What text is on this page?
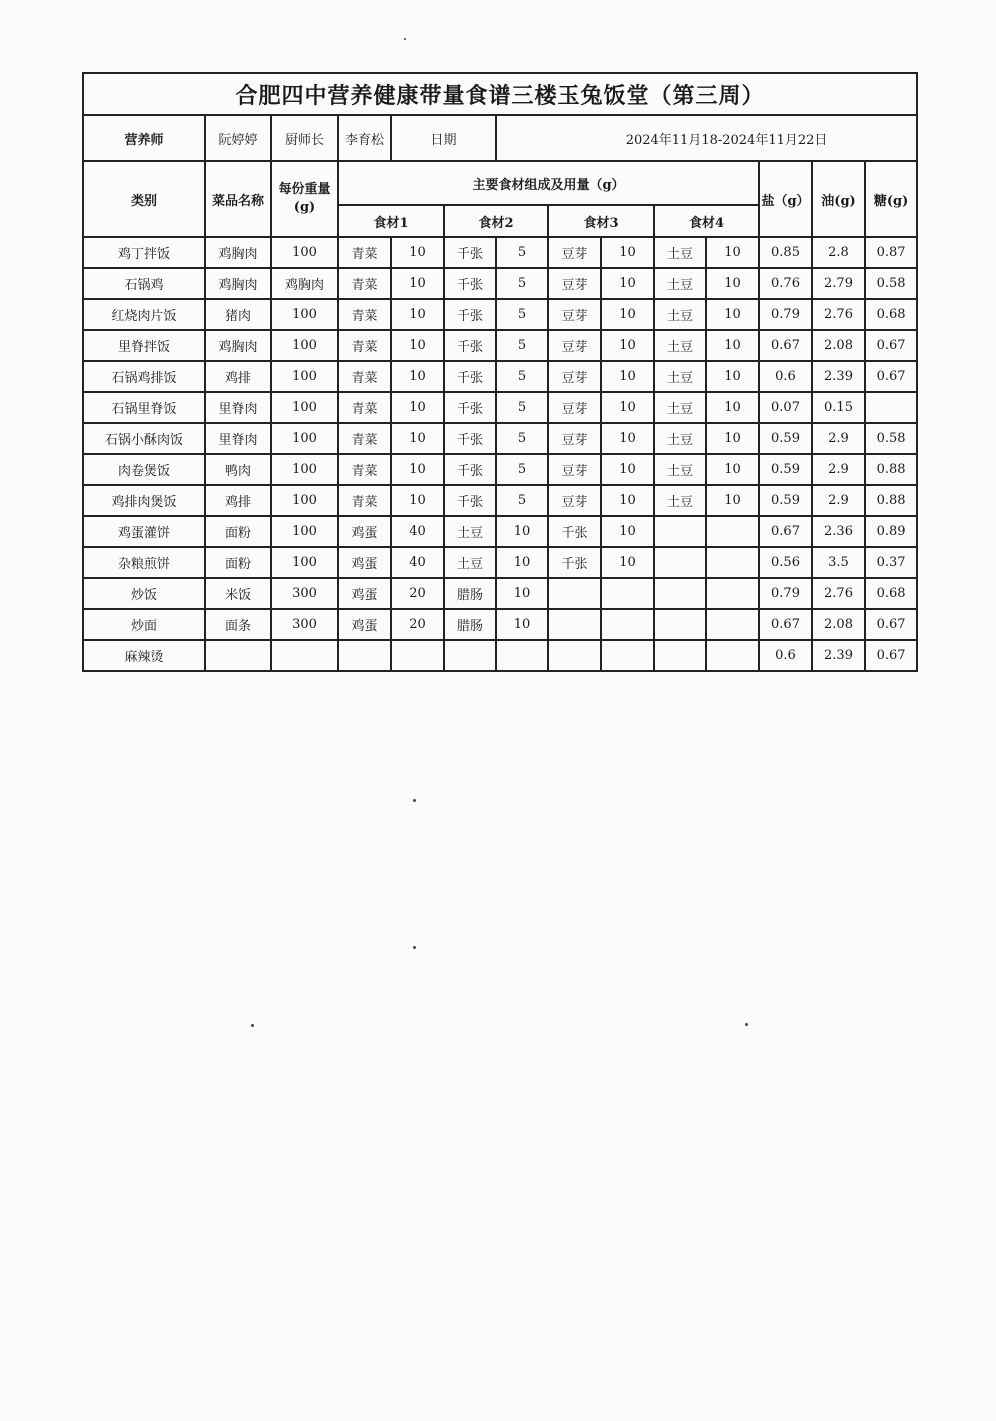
合肥四中营养健康带量食谱三楼玉兔饭堂（第三周）													
营养师	阮婷婷	厨师长	李育松	日期		2024年11月18-2024年11月22日							
类别	菜品名称	每份重量(g)	主要食材组成及用量（g）								盐（g）	油(g)	糖(g)
			食材1		食材2		食材3		食材4				
鸡丁拌饭	鸡胸肉	100	青菜	10	千张	5	豆芽	10	土豆	10	0.85	2.8	0.87
石锅鸡	鸡胸肉	鸡胸肉	青菜	10	千张	5	豆芽	10	土豆	10	0.76	2.79	0.58
红烧肉片饭	猪肉	100	青菜	10	千张	5	豆芽	10	土豆	10	0.79	2.76	0.68
里脊拌饭	鸡胸肉	100	青菜	10	千张	5	豆芽	10	土豆	10	0.67	2.08	0.67
石锅鸡排饭	鸡排	100	青菜	10	千张	5	豆芽	10	土豆	10	0.6	2.39	0.67
石锅里脊饭	里脊肉	100	青菜	10	千张	5	豆芽	10	土豆	10	0.07	0.15	
石锅小酥肉饭	里脊肉	100	青菜	10	千张	5	豆芽	10	土豆	10	0.59	2.9	0.58
肉卷煲饭	鸭肉	100	青菜	10	千张	5	豆芽	10	土豆	10	0.59	2.9	0.88
鸡排肉煲饭	鸡排	100	青菜	10	千张	5	豆芽	10	土豆	10	0.59	2.9	0.88
鸡蛋灌饼	面粉	100	鸡蛋	40	土豆	10	千张	10			0.67	2.36	0.89
杂粮煎饼	面粉	100	鸡蛋	40	土豆	10	千张	10			0.56	3.5	0.37
炒饭	米饭	300	鸡蛋	20	腊肠	10					0.79	2.76	0.68
炒面	面条	300	鸡蛋	20	腊肠	10					0.67	2.08	0.67
麻辣烫											0.6	2.39	0.67
